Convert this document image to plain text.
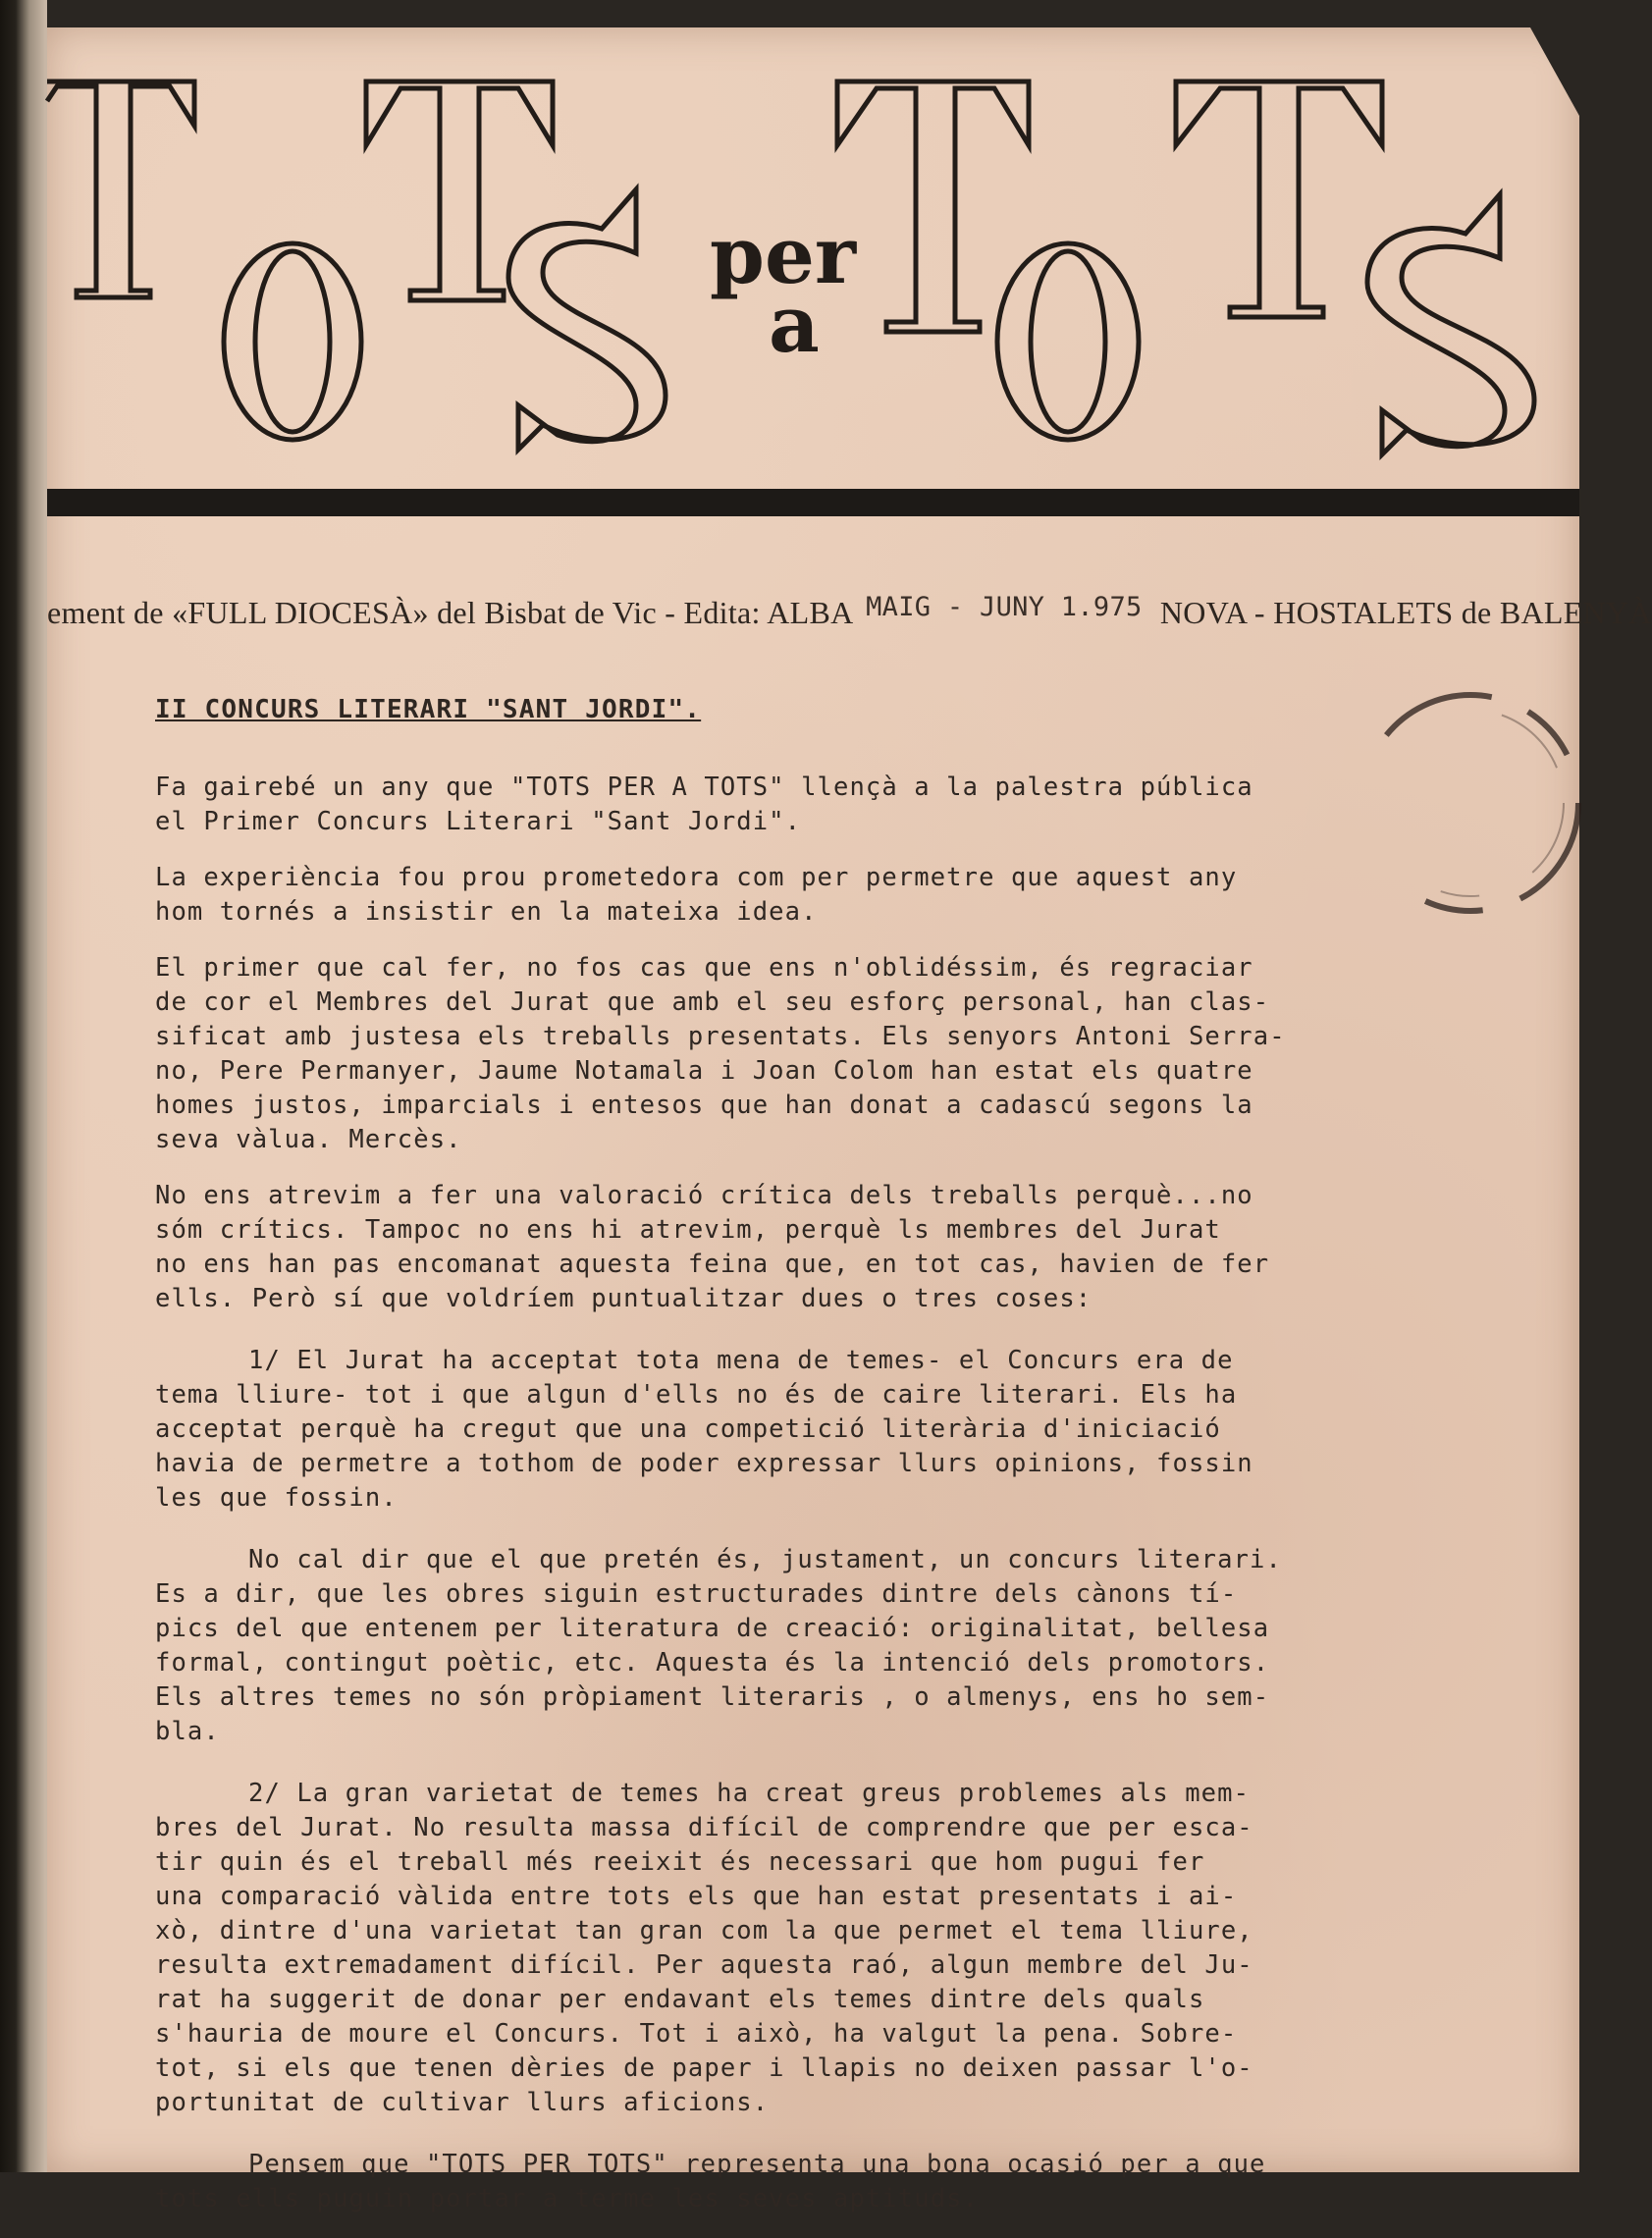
per
a
ement de «FULL DIOCESÀ» del Bisbat de Vic - Edita: ALBA $^{MAIG - JUNY 1.975}$ NOVA - HOSTALETS de BALENYÀ
II CONCURS LITERARI "SANT JORDI".
Fa gairebé un any que "TOTS PER A TOTS" llençà a la palestra pública
el Primer Concurs Literari "Sant Jordi".
La experiència fou prou prometedora com per permetre que aquest any
hom tornés a insistir en la mateixa idea.
El primer que cal fer, no fos cas que ens n'oblidéssim, és regraciar
de cor el Membres del Jurat que amb el seu esforç personal, han clas-
sificat amb justesa els treballs presentats. Els senyors Antoni Serra-
no, Pere Permanyer, Jaume Notamala i Joan Colom han estat els quatre
homes justos, imparcials i entesos que han donat a cadascú segons la
seva vàlua. Mercès.
No ens atrevim a fer una valoració crítica dels treballs perquè...no
sóm crítics. Tampoc no ens hi atrevim, perquè ls membres del Jurat
no ens han pas encomanat aquesta feina que, en tot cas, havien de fer
ells. Però sí que voldríem puntualitzar dues o tres coses:
1/ El Jurat ha acceptat tota mena de temes- el Concurs era de
tema lliure- tot i que algun d'ells no és de caire literari. Els ha
acceptat perquè ha cregut que una competició literària d'iniciació
havia de permetre a tothom de poder expressar llurs opinions, fossin
les que fossin.
No cal dir que el que pretén és, justament, un concurs literari.
Es a dir, que les obres siguin estructurades dintre dels cànons tí-
pics del que entenem per literatura de creació: originalitat, bellesa
formal, contingut poètic, etc. Aquesta és la intenció dels promotors.
Els altres temes no són pròpiament literaris , o almenys, ens ho sem-
bla.
2/ La gran varietat de temes ha creat greus problemes als mem-
bres del Jurat. No resulta massa difícil de comprendre que per esca-
tir quin és el treball més reeixit és necessari que hom pugui fer
una comparació vàlida entre tots els que han estat presentats i ai-
xò, dintre d'una varietat tan gran com la que permet el tema lliure,
resulta extremadament difícil. Per aquesta raó, algun membre del Ju-
rat ha suggerit de donar per endavant els temes dintre dels quals
s'hauria de moure el Concurs. Tot i això, ha valgut la pena. Sobre-
tot, si els que tenen dèries de paper i llapis no deixen passar l'o-
portunitat de cultivar llurs aficions.
Pensem que "TOTS PER TOTS" representa una bona ocasió per a que
tots ells puguin portar a terme les seves aptituds.
